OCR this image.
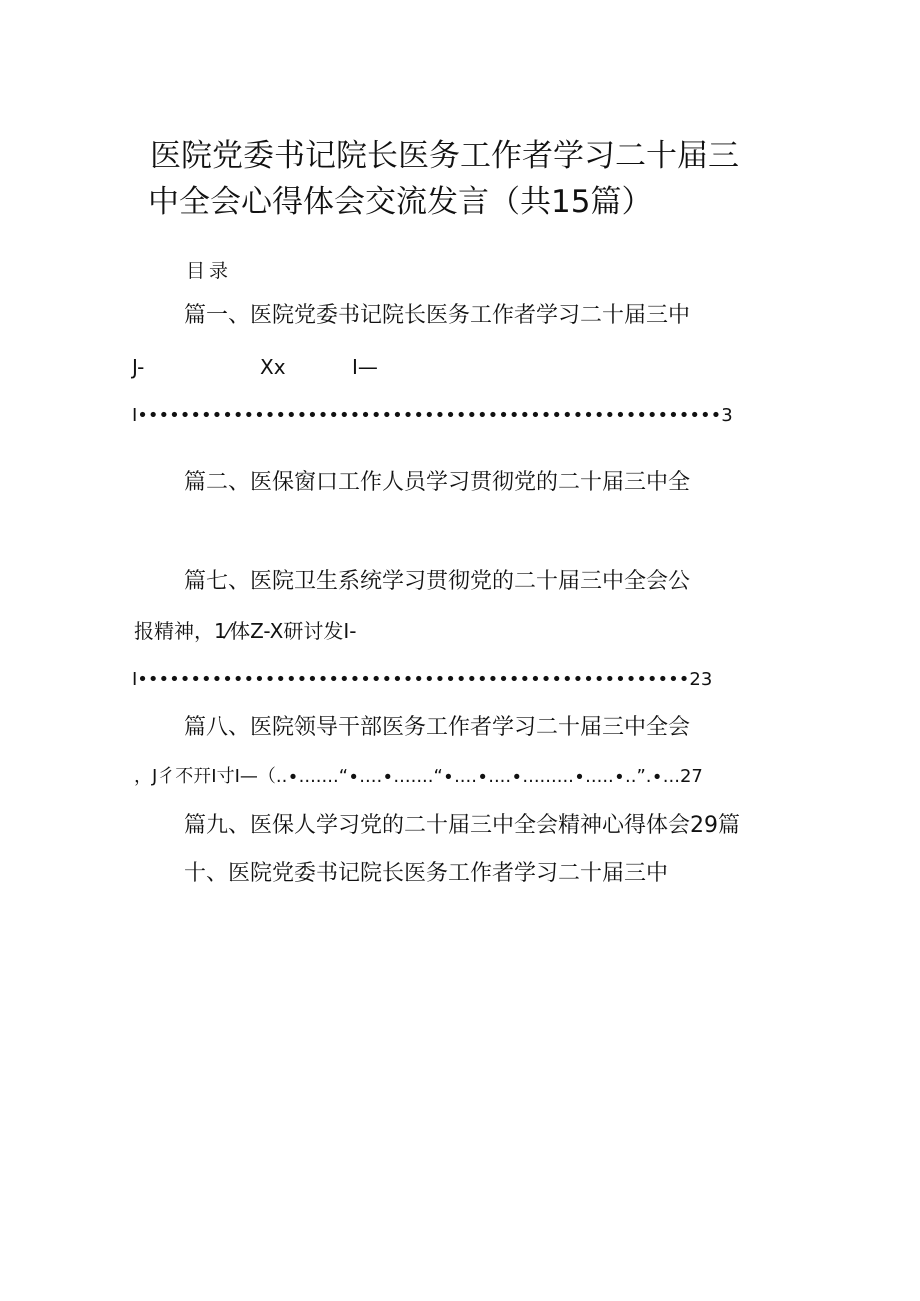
医院党委书记院长医务工作者学习二十届三
中全会心得体会交流发言（共15篇）
目录
篇一、医院党委书记院长医务工作者学习二十届三中
J-	Xx	I—
I•••••••••••••••••••••••••••••••••••••••••••••••••••••••3
篇二、医保窗口工作人员学习贯彻党的二十届三中全
篇七、医院卫生系统学习贯彻党的二十届三中全会公
报精神，1⁄体Z-X研讨发I-
I••••••••••••••••••••••••••••••••••••••••••••••••••••23
篇八、医院领导干部医务工作者学习二十届三中全会
，J彳不幵I寸I—（..∙.......“∙....∙.......“∙....∙....∙.........∙.....∙..”.∙...27
篇九、医保人学习党的二十届三中全会精神心得体会29篇
十、医院党委书记院长医务工作者学习二十届三中
